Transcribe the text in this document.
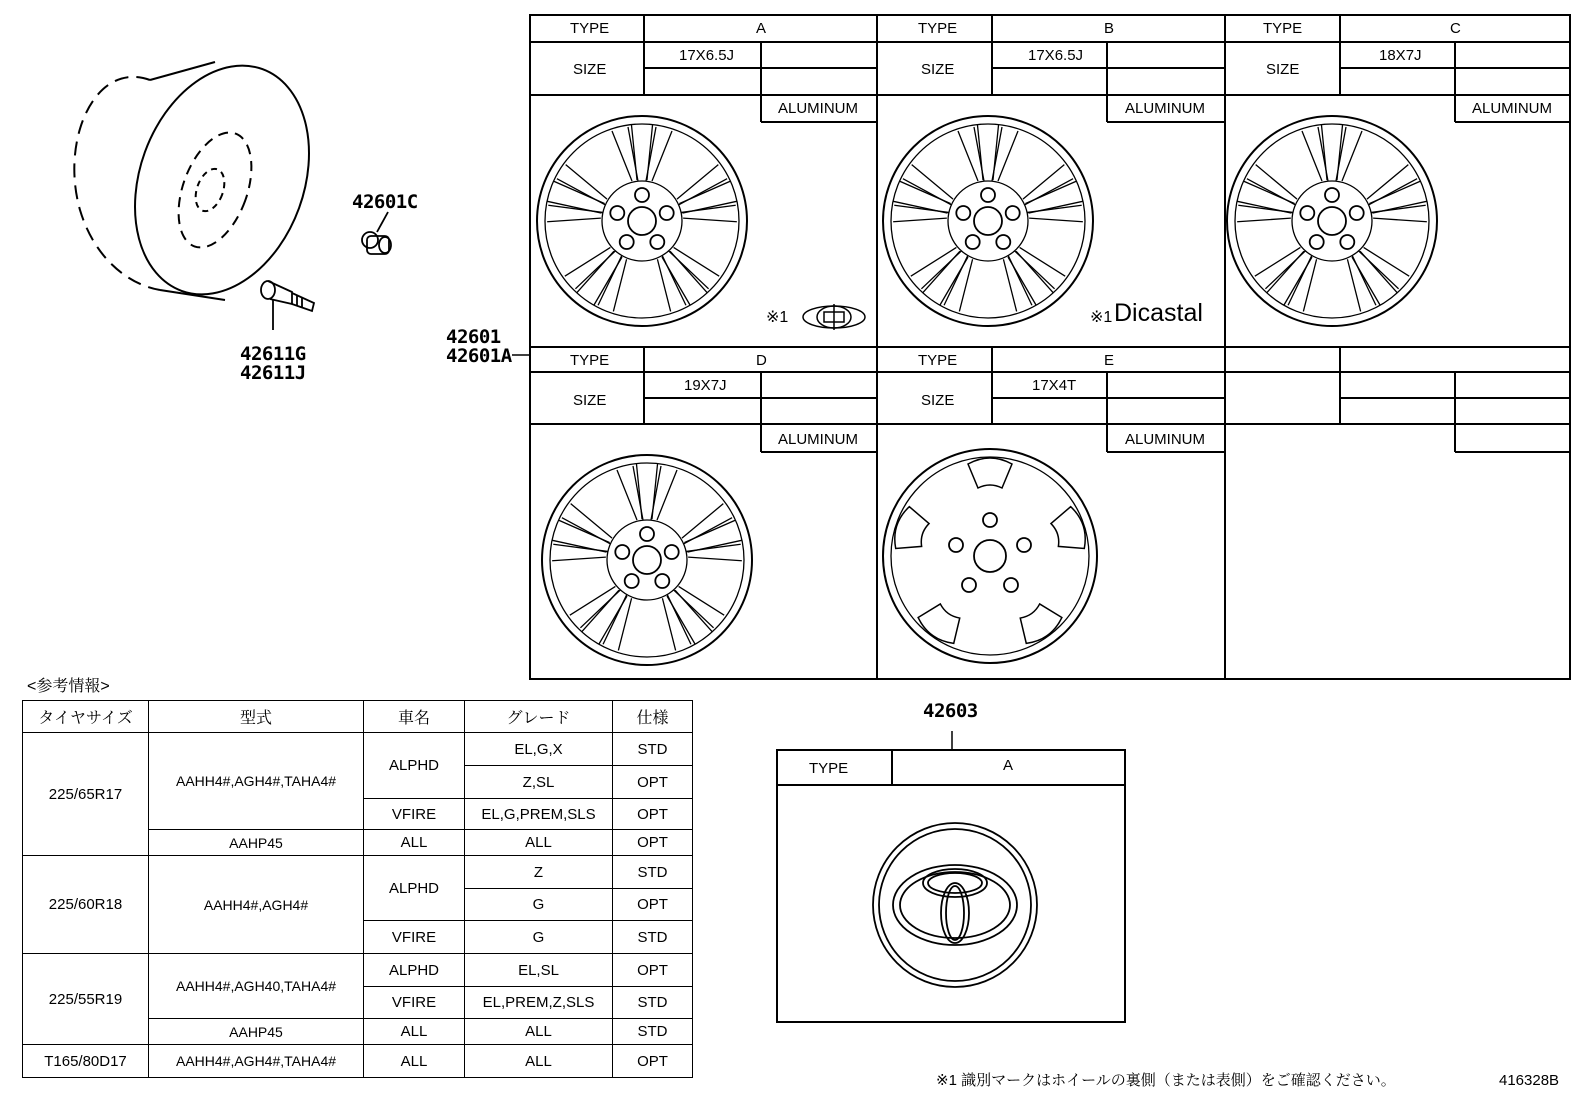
42601C
42611G
42611J
42601
42601A
42603
TYPE	A
SIZE
17X6.5J
ALUMINUM
※1
TYPE	B
SIZE
17X6.5J
ALUMINUM
※1 Dicastal
TYPE	C
SIZE
18X7J
ALUMINUM
TYPE	D
SIZE
19X7J
ALUMINUM
TYPE	E
SIZE
17X4T
ALUMINUM
TYPE	A
<参考情報>
タイヤサイズ	型式	車名	グレード	仕様
225/65R17	AAHH4#,AGH4#,TAHA4#	ALPHD	EL,G,X	STD
			Z,SL	OPT
		VFIRE	EL,G,PREM,SLS	OPT
	AAHP45	ALL	ALL	OPT
225/60R18	AAHH4#,AGH4#	ALPHD	Z	STD
			G	OPT
		VFIRE	G	STD
225/55R19	AAHH4#,AGH40,TAHA4#	ALPHD	EL,SL	OPT
		VFIRE	EL,PREM,Z,SLS	STD
	AAHP45	ALL	ALL	STD
T165/80D17	AAHH4#,AGH4#,TAHA4#	ALL	ALL	OPT
※1 識別マークはホイールの裏側（または表側）をご確認ください。	416328B
